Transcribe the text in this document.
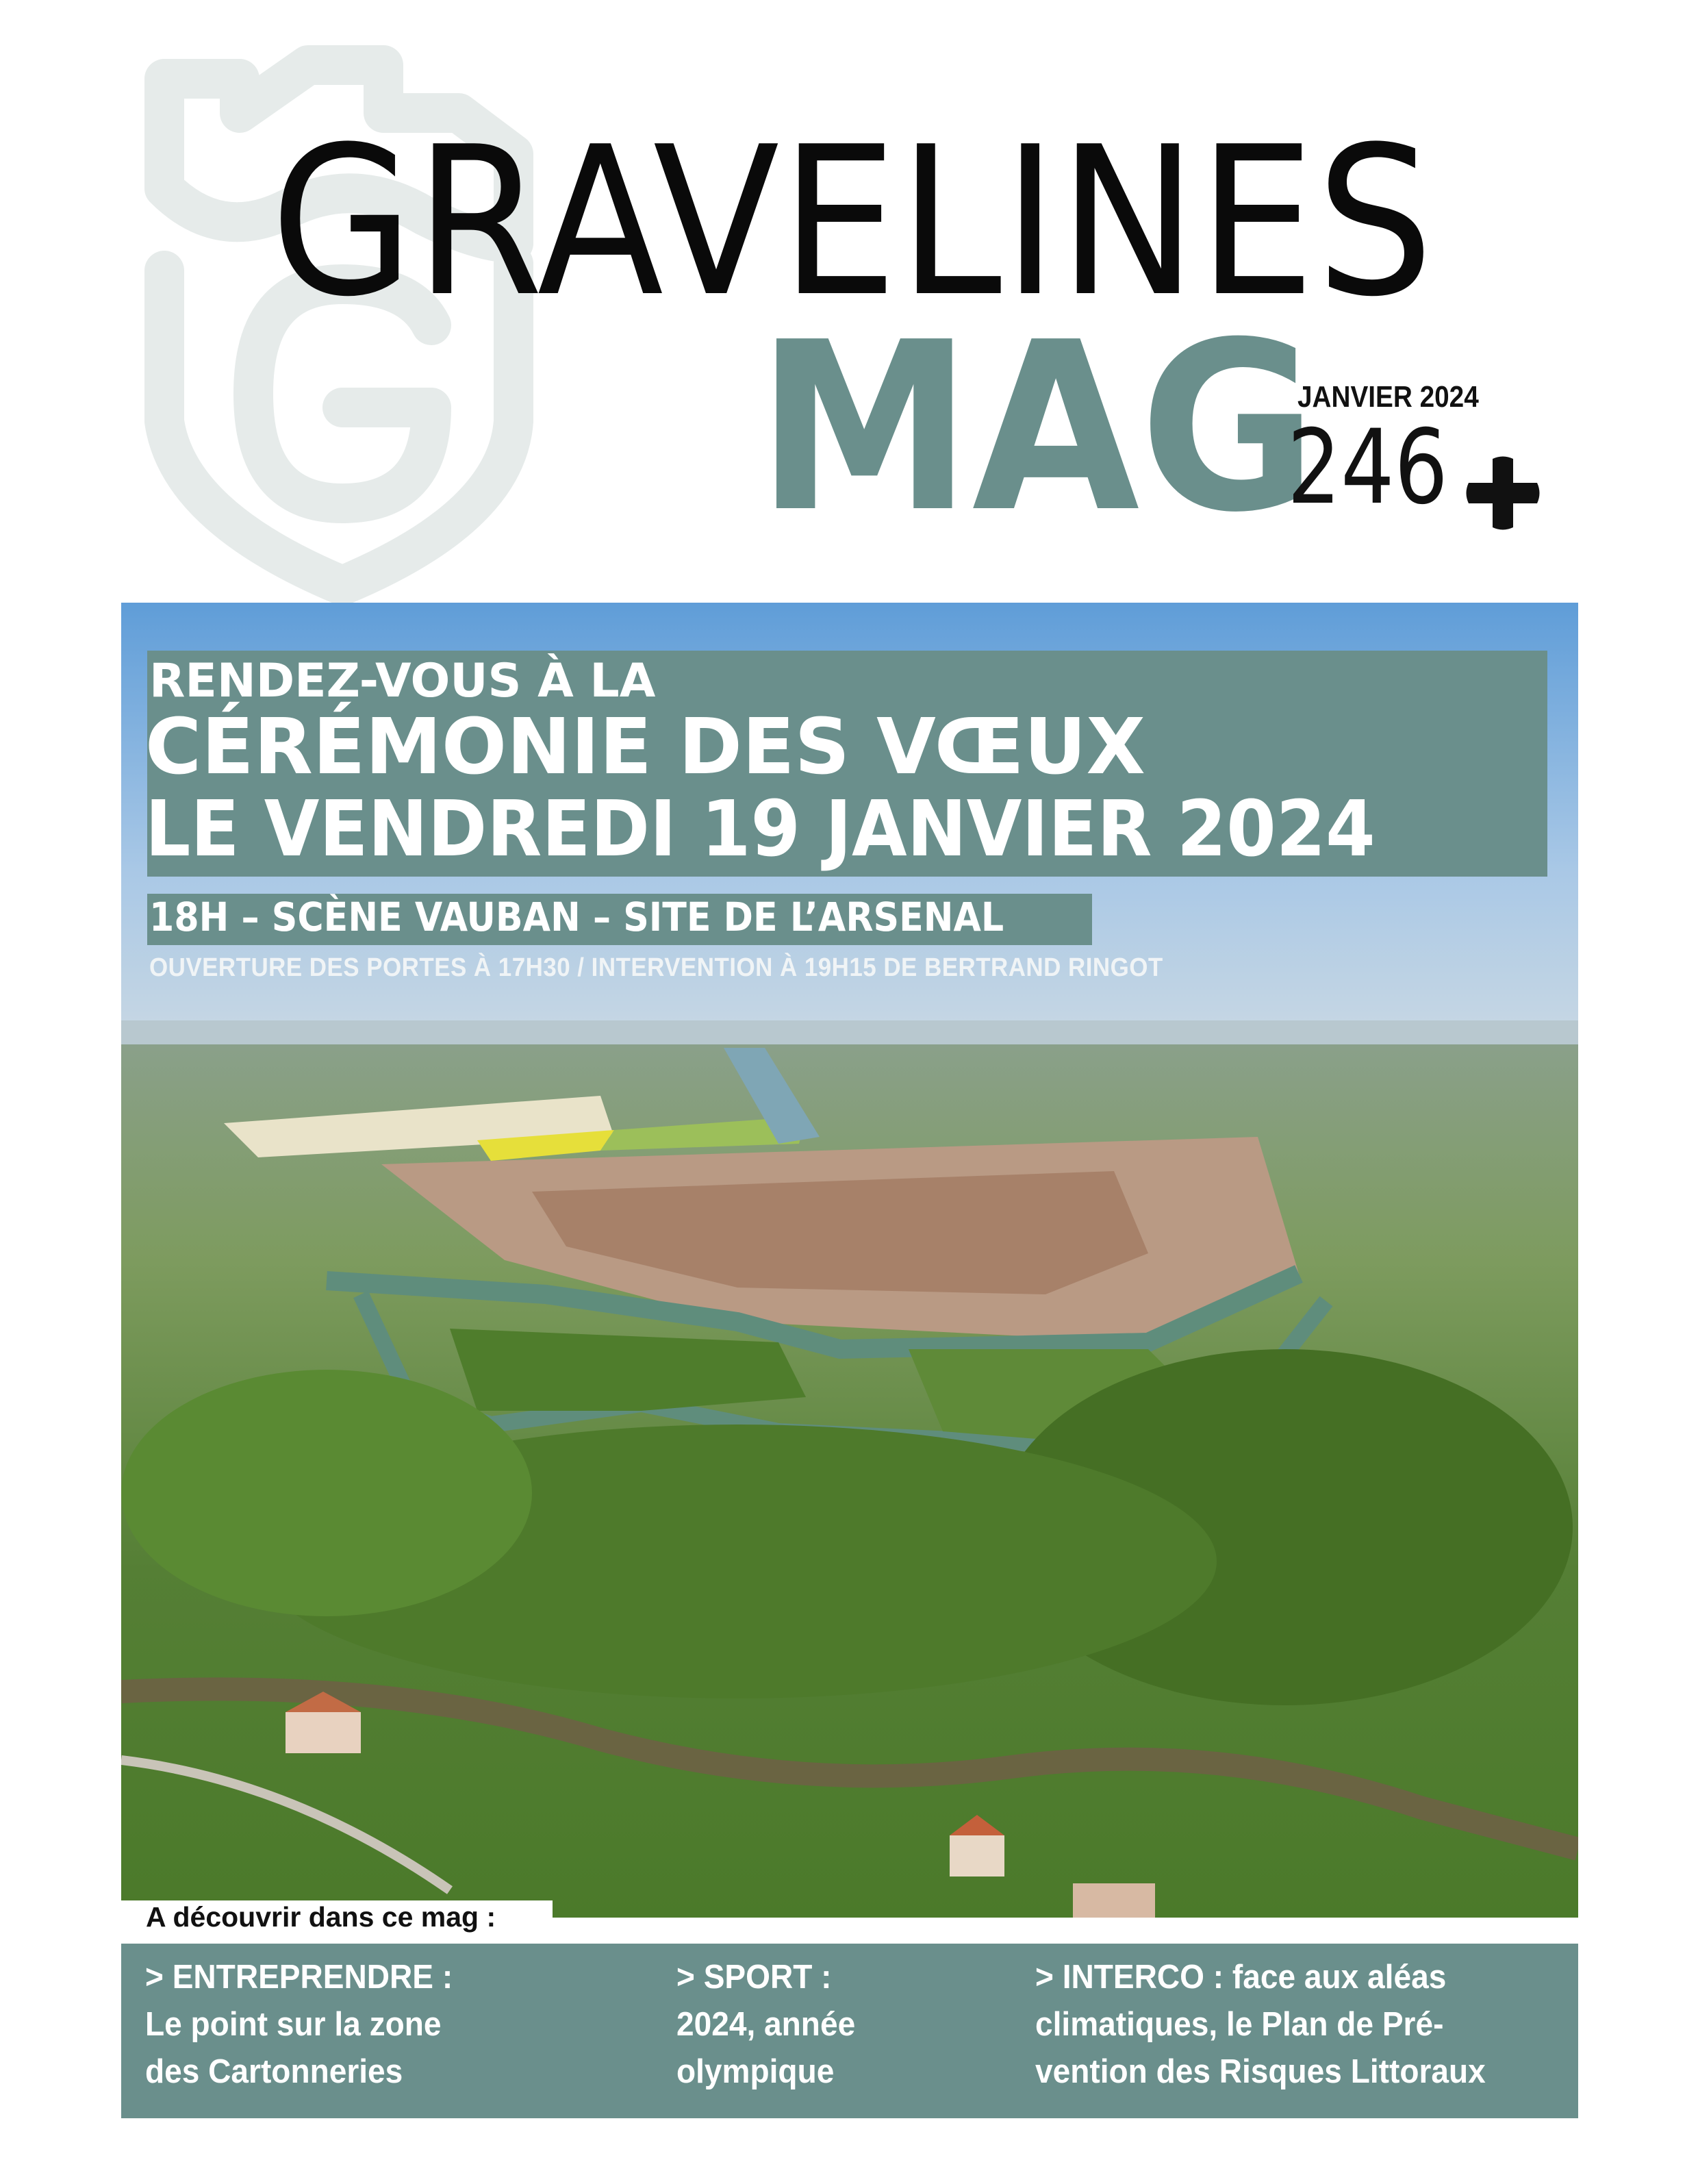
GRAVELINES
MAG
JANVIER 2024
246
RENDEZ-VOUS À LA
CÉRÉMONIE DES VŒUX
LE VENDREDI 19 JANVIER 2024
18H – SCÈNE VAUBAN – SITE DE L’ARSENAL
OUVERTURE DES PORTES À 17H30 / INTERVENTION À 19H15 DE BERTRAND RINGOT
A découvrir dans ce mag :
> ENTREPRENDRE :
Le point sur la zone
des Cartonneries
> SPORT :
2024, année
olympique
> INTERCO : face aux aléas
climatiques, le Plan de Pré-
vention des Risques Littoraux
